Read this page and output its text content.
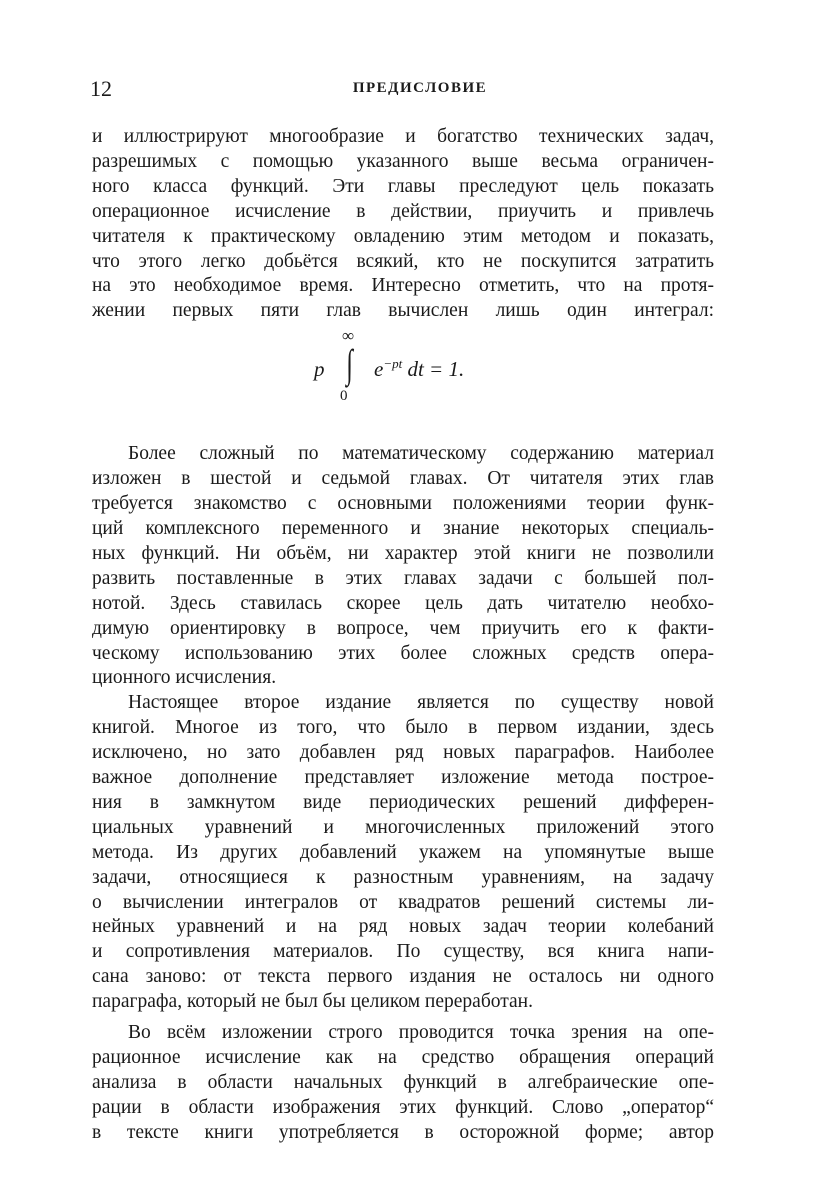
12	ПРЕДИСЛОВИЕ
и иллюстрируют многообразие и богатство технических задач,
разрешимых с помощью указанного выше весьма ограничен-
ного класса функций. Эти главы преследуют цель показать
операционное исчисление в действии, приучить и привлечь
читателя к практическому овладению этим методом и показать,
что этого легко добьётся всякий, кто не поскупится затратить
на это необходимое время. Интересно отметить, что на протя-
жении первых пяти глав вычислен лишь один интеграл:
∞
p ∫
0
$e^{-pt}$ dt = 1.
Более сложный по математическому содержанию материал
изложен в шестой и седьмой главах. От читателя этих глав
требуется знакомство с основными положениями теории функ-
ций комплексного переменного и знание некоторых специаль-
ных функций. Ни объём, ни характер этой книги не позволили
развить поставленные в этих главах задачи с большей пол-
нотой. Здесь ставилась скорее цель дать читателю необхо-
димую ориентировку в вопросе, чем приучить его к факти-
ческому использованию этих более сложных средств опера-
ционного исчисления.
Настоящее второе издание является по существу новой
книгой. Многое из того, что было в первом издании, здесь
исключено, но зато добавлен ряд новых параграфов. Наиболее
важное дополнение представляет изложение метода построе-
ния в замкнутом виде периодических решений дифферен-
циальных уравнений и многочисленных приложений этого
метода. Из других добавлений укажем на упомянутые выше
задачи, относящиеся к разностным уравнениям, на задачу
о вычислении интегралов от квадратов решений системы ли-
нейных уравнений и на ряд новых задач теории колебаний
и сопротивления материалов. По существу, вся книга напи-
сана заново: от текста первого издания не осталось ни одного
параграфа, который не был бы целиком переработан.
Во всём изложении строго проводится точка зрения на опе-
рационное исчисление как на средство обращения операций
анализа в области начальных функций в алгебраические опе-
рации в области изображения этих функций. Слово „оператор“
в тексте книги употребляется в осторожной форме; автор
